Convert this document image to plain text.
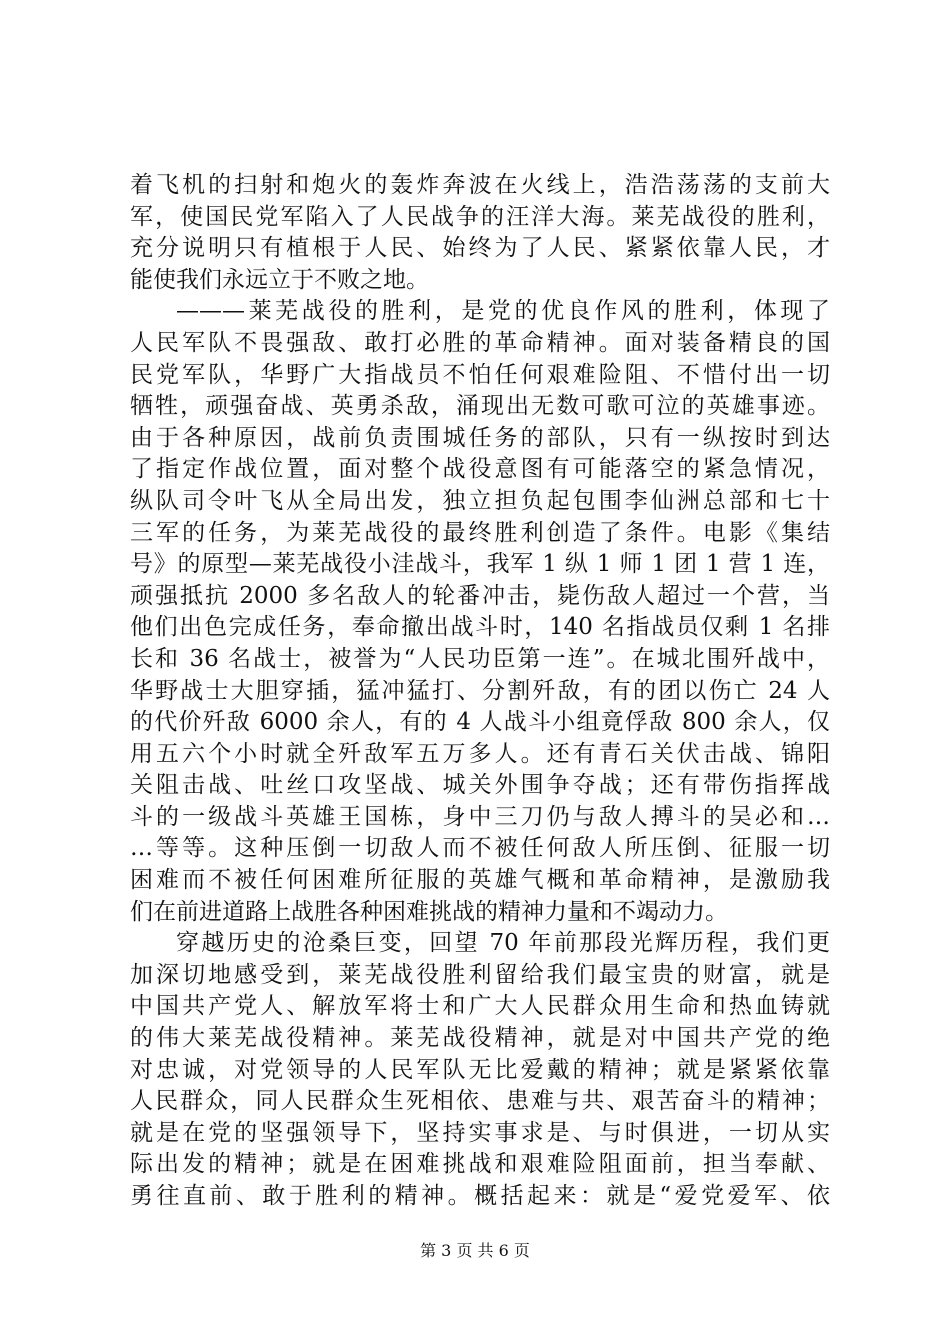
着飞机的扫射和炮火的轰炸奔波在火线上，浩浩荡荡的支前大
军，使国民党军陷入了人民战争的汪洋大海。莱芜战役的胜利，
充分说明只有植根于人民、始终为了人民、紧紧依靠人民，才
能使我们永远立于不败之地。
———莱芜战役的胜利，是党的优良作风的胜利，体现了
人民军队不畏强敌、敢打必胜的革命精神。面对装备精良的国
民党军队，华野广大指战员不怕任何艰难险阻、不惜付出一切
牺牲，顽强奋战、英勇杀敌，涌现出无数可歌可泣的英雄事迹。
由于各种原因，战前负责围城任务的部队，只有一纵按时到达
了指定作战位置，面对整个战役意图有可能落空的紧急情况，
纵队司令叶飞从全局出发，独立担负起包围李仙洲总部和七十
三军的任务，为莱芜战役的最终胜利创造了条件。电影《集结
号》的原型—莱芜战役小洼战斗，我军 1 纵 1 师 1 团 1 营 1 连，
顽强抵抗 2000 多名敌人的轮番冲击，毙伤敌人超过一个营，当
他们出色完成任务，奉命撤出战斗时，140 名指战员仅剩 1 名排
长和 36 名战士，被誉为“人民功臣第一连”。在城北围歼战中，
华野战士大胆穿插，猛冲猛打、分割歼敌，有的团以伤亡 24 人
的代价歼敌 6000 余人，有的 4 人战斗小组竟俘敌 800 余人，仅
用五六个小时就全歼敌军五万多人。还有青石关伏击战、锦阳
关阻击战、吐丝口攻坚战、城关外围争夺战；还有带伤指挥战
斗的一级战斗英雄王国栋，身中三刀仍与敌人搏斗的吴必和…
…等等。这种压倒一切敌人而不被任何敌人所压倒、征服一切
困难而不被任何困难所征服的英雄气概和革命精神，是激励我
们在前进道路上战胜各种困难挑战的精神力量和不竭动力。
穿越历史的沧桑巨变，回望 70 年前那段光辉历程，我们更
加深切地感受到，莱芜战役胜利留给我们最宝贵的财富，就是
中国共产党人、解放军将士和广大人民群众用生命和热血铸就
的伟大莱芜战役精神。莱芜战役精神，就是对中国共产党的绝
对忠诚，对党领导的人民军队无比爱戴的精神；就是紧紧依靠
人民群众，同人民群众生死相依、患难与共、艰苦奋斗的精神；
就是在党的坚强领导下，坚持实事求是、与时俱进，一切从实
际出发的精神；就是在困难挑战和艰难险阻面前，担当奉献、
勇往直前、敢于胜利的精神。概括起来：就是“爱党爱军、依
第 3 页 共 6 页
